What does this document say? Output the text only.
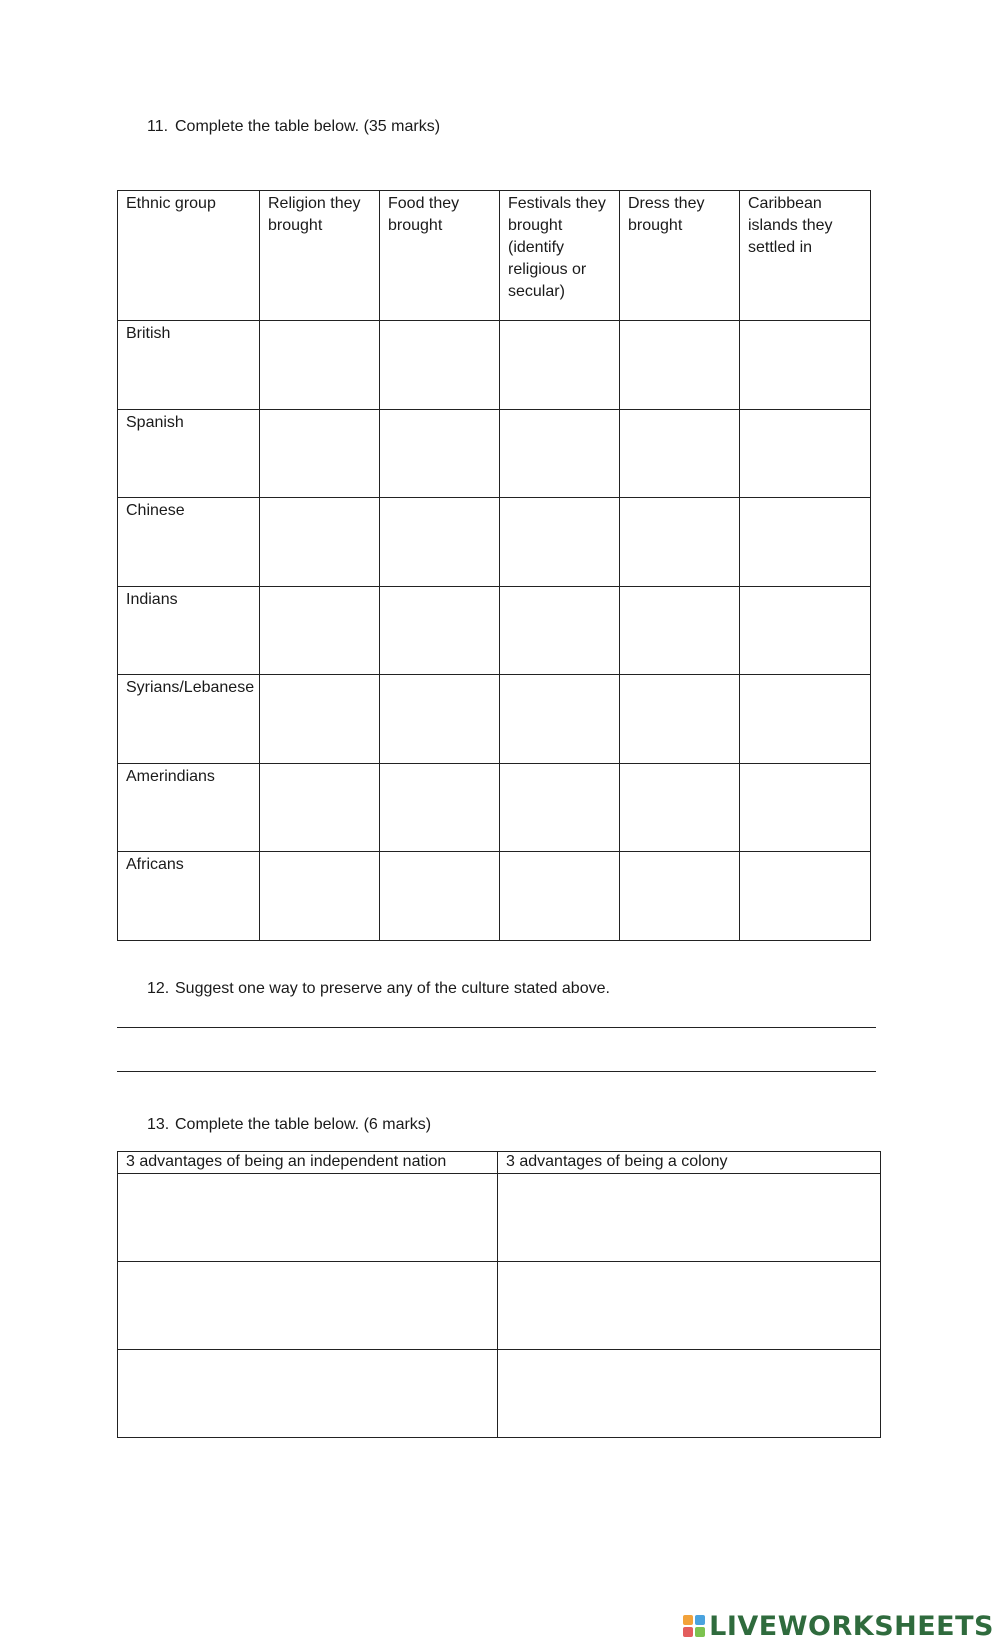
11. Complete the table below. (35 marks)
Ethnic group	Religion they brought	Food they brought	Festivals they brought (identify religious or secular)	Dress they brought	Caribbean islands they settled in
British					
Spanish					
Chinese					
Indians					
Syrians/Lebanese					
Amerindians					
Africans					
12. Suggest one way to preserve any of the culture stated above.
13. Complete the table below. (6 marks)
3 advantages of being an independent nation	3 advantages of being a colony

LIVEWORKSHEETS
